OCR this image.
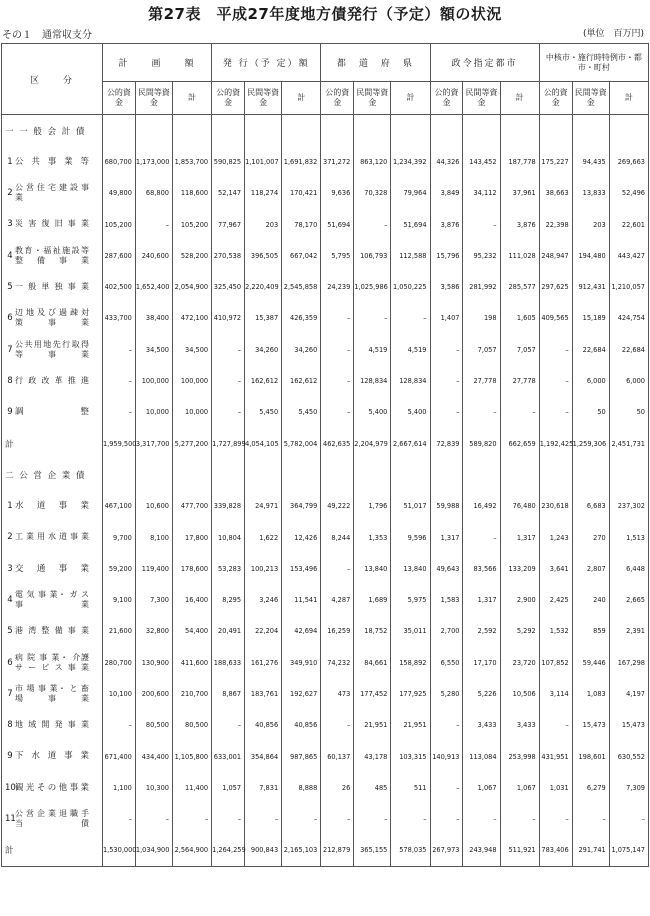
第27表　平成27年度地方債発行（予定）額の状況
その１　通常収支分	(単位　百万円)
区　　分	計　　画　　額			発 行（予 定）額			都　道　府　県			政令指定都市			中核市・施行時特例市・都市・町村		
	公的資金	民間等資金	計	公的資金	民間等資金	計	公的資金	民間等資金	計	公的資金	民間等資金	計	公的資金	民間等資金	計
一 一 般 会 計 債															
1 公 共 事 業 等	680,700	1,173,000	1,853,700	590,825	1,101,007	1,691,832	371,272	863,120	1,234,392	44,326	143,452	187,778	175,227	94,435	269,663
2公 営 住 宅 建 設 事 業	49,800	68,800	118,600	52,147	118,274	170,421	9,636	70,328	79,964	3,849	34,112	37,961	38,663	13,833	52,496
3 災 害 復 旧 事 業	105,200	–	105,200	77,967	203	78,170	51,694	–	51,694	3,876	–	3,876	22,398	203	22,601
4教育・福祉施設等 整 備 事 業	287,600	240,600	528,200	270,538	396,505	667,042	5,795	106,793	112,588	15,796	95,232	111,028	248,947	194,480	443,427
5 一 般 単 独 事 業	402,500	1,652,400	2,054,900	325,450	2,220,409	2,545,858	24,239	1,025,986	1,050,225	3,586	281,992	285,577	297,625	912,431	1,210,057
6辺 地 及 び 過 疎 対 策 事 業	433,700	38,400	472,100	410,972	15,387	426,359	–	–	–	1,407	198	1,605	409,565	15,189	424,754
7公共用地先行取得 等 事 業	–	34,500	34,500	–	34,260	34,260	–	4,519	4,519	–	7,057	7,057	–	22,684	22,684
8 行 政 改 革 推 進	–	100,000	100,000	–	162,612	162,612	–	128,834	128,834	–	27,778	27,778	–	6,000	6,000
9 調　　　　　整	–	10,000	10,000	–	5,450	5,450	–	5,400	5,400	–	–	–	–	50	50
計	1,959,500	3,317,700	5,277,200	1,727,899	4,054,105	5,782,004	462,635	2,204,979	2,667,614	72,839	589,820	662,659	1,192,425	1,259,306	2,451,731
二 公 営 企 業 債															
1 水 道 事 業	467,100	10,600	477,700	339,828	24,971	364,799	49,222	1,796	51,017	59,988	16,492	76,480	230,618	6,683	237,302
2 工 業 用 水 道 事 業	9,700	8,100	17,800	10,804	1,622	12,426	8,244	1,353	9,596	1,317	–	1,317	1,243	270	1,513
3 交 通 事 業	59,200	119,400	178,600	53,283	100,213	153,496	–	13,840	13,840	49,643	83,566	133,209	3,641	2,807	6,448
4電 気 事 業・ ガ ス 事 業	9,100	7,300	16,400	8,295	3,246	11,541	4,287	1,689	5,975	1,583	1,317	2,900	2,425	240	2,665
5 港 湾 整 備 事 業	21,600	32,800	54,400	20,491	22,204	42,694	16,259	18,752	35,011	2,700	2,592	5,292	1,532	859	2,391
6病 院 事 業・ 介護サービス事業	280,700	130,900	411,600	188,633	161,276	349,910	74,232	84,661	158,892	6,550	17,170	23,720	107,852	59,446	167,298
7市 場 事 業・ と 畜 場 事 業	10,100	200,600	210,700	8,867	183,761	192,627	473	177,452	177,925	5,280	5,226	10,506	3,114	1,083	4,197
8 地 域 開 発 事 業	–	80,500	80,500	–	40,856	40,856	–	21,951	21,951	–	3,433	3,433	–	15,473	15,473
9 下 水 道 事 業	671,400	434,400	1,105,800	633,001	354,864	987,865	60,137	43,178	103,315	140,913	113,084	253,998	431,951	198,601	630,552
10観光その他事業	1,100	10,300	11,400	1,057	7,831	8,888	26	485	511	–	1,067	1,067	1,031	6,279	7,309
11公 営 企 業 退 職 手 当 債	–	–	–	–	–	–	–	–	–	–	–	–	–	–	–
計	1,530,000	1,034,900	2,564,900	1,264,259	900,843	2,165,103	212,879	365,155	578,035	267,973	243,948	511,921	783,406	291,741	1,075,147
